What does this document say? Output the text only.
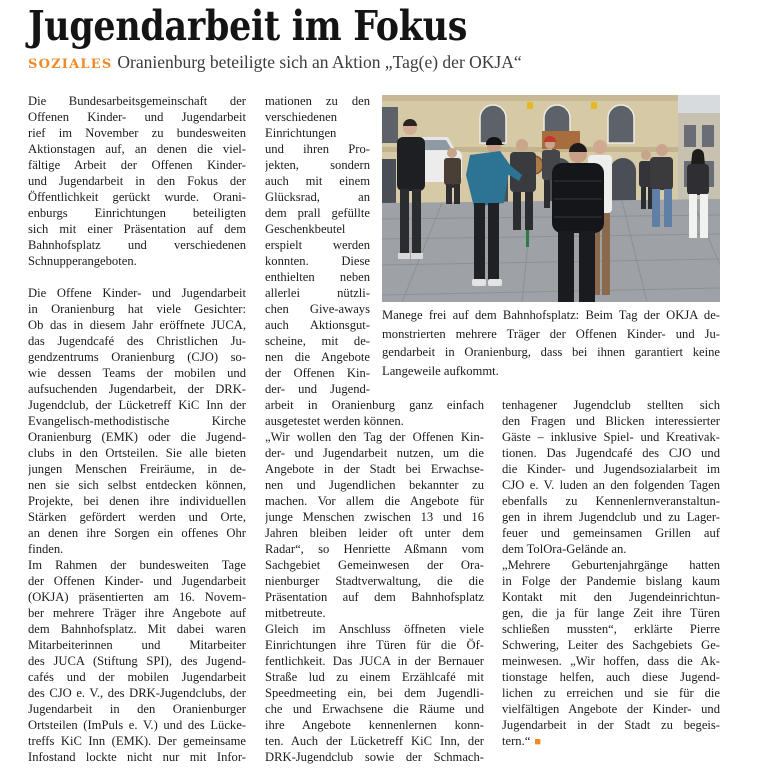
Jugendarbeit im Fokus
SOZIALES Oranienburg beteiligte sich an Aktion „Tag(e) der OKJA“
Die Bundesarbeitsgemeinschaft der
Offenen Kinder- und Jugendarbeit
rief im November zu bundesweiten
Aktionstagen auf, an denen die viel-
fältige Arbeit der Offenen Kinder-
und Jugendarbeit in den Fokus der
Öffentlichkeit gerückt wurde. Orani-
enburgs Einrichtungen beteiligten
sich mit einer Präsentation auf dem
Bahnhofsplatz und verschiedenen
Schnupperangeboten.
Die Offene Kinder- und Jugendarbeit
in Oranienburg hat viele Gesichter:
Ob das in diesem Jahr eröffnete JUCA,
das Jugendcafé des Christlichen Ju-
gendzentrums Oranienburg (CJO) so-
wie dessen Teams der mobilen und
aufsuchenden Jugendarbeit, der DRK-
Jugendclub, der Lücketreff KiC Inn der
Evangelisch-methodistische Kirche
Oranienburg (EMK) oder die Jugend-
clubs in den Ortsteilen. Sie alle bieten
jungen Menschen Freiräume, in de-
nen sie sich selbst entdecken können,
Projekte, bei denen ihre individuellen
Stärken gefördert werden und Orte,
an denen ihre Sorgen ein offenes Ohr
finden.
Im Rahmen der bundesweiten Tage
der Offenen Kinder- und Jugendarbeit
(OKJA) präsentierten am 16. Novem-
ber mehrere Träger ihre Angebote auf
dem Bahnhofsplatz. Mit dabei waren
Mitarbeiterinnen und Mitarbeiter
des JUCA (Stiftung SPI), des Jugend-
cafés und der mobilen Jugendarbeit
des CJO e. V., des DRK-Jugendclubs, der
Jugendarbeit in den Oranienburger
Ortsteilen (ImPuls e. V.) und des Lücke-
treffs KiC Inn (EMK). Der gemeinsame
Infostand lockte nicht nur mit Infor-
mationen zu den
verschiedenen
Einrichtungen
und ihren Pro-
jekten, sondern
auch mit einem
Glücksrad, an
dem prall gefüllte
Geschenkbeutel
erspielt werden
konnten. Diese
enthielten neben
allerlei nützli-
chen Give-aways
auch Aktionsgut-
scheine, mit de-
nen die Angebote
der Offenen Kin-
der- und Jugend-
arbeit in Oranienburg ganz einfach
ausgetestet werden können.
„Wir wollen den Tag der Offenen Kin-
der- und Jugendarbeit nutzen, um die
Angebote in der Stadt bei Erwachse-
nen und Jugendlichen bekannter zu
machen. Vor allem die Angebote für
junge Menschen zwischen 13 und 16
Jahren bleiben leider oft unter dem
Radar“, so Henriette Aßmann vom
Sachgebiet Gemeinwesen der Ora-
nienburger Stadtverwaltung, die die
Präsentation auf dem Bahnhofsplatz
mitbetreute.
Gleich im Anschluss öffneten viele
Einrichtungen ihre Türen für die Öf-
fentlichkeit. Das JUCA in der Bernauer
Straße lud zu einem Erzählcafé mit
Speedmeeting ein, bei dem Jugendli-
che und Erwachsene die Räume und
ihre Angebote kennenlernen konn-
ten. Auch der Lücketreff KiC Inn, der
DRK-Jugendclub sowie der Schmach-
tenhagener Jugendclub stellten sich
den Fragen und Blicken interessierter
Gäste – inklusive Spiel- und Kreativak-
tionen. Das Jugendcafé des CJO und
die Kinder- und Jugendsozialarbeit im
CJO e. V. luden an den folgenden Tagen
ebenfalls zu Kennenlernveranstaltun-
gen in ihrem Jugendclub und zu Lager-
feuer und gemeinsamen Grillen auf
dem TolOra-Gelände an.
„Mehrere Geburtenjahrgänge hatten
in Folge der Pandemie bislang kaum
Kontakt mit den Jugendeinrichtun-
gen, die ja für lange Zeit ihre Türen
schließen mussten“, erklärte Pierre
Schwering, Leiter des Sachgebiets Ge-
meinwesen. „Wir hoffen, dass die Ak-
tionstage helfen, auch diese Jugend-
lichen zu erreichen und sie für die
vielfältigen Angebote der Kinder- und
Jugendarbeit in der Stadt zu begeis-
tern.“ ■
Manege frei auf dem Bahnhofsplatz: Beim Tag der OKJA de-
monstrierten mehrere Träger der Offenen Kinder- und Ju-
gendarbeit in Oranienburg, dass bei ihnen garantiert keine
Langeweile aufkommt.
